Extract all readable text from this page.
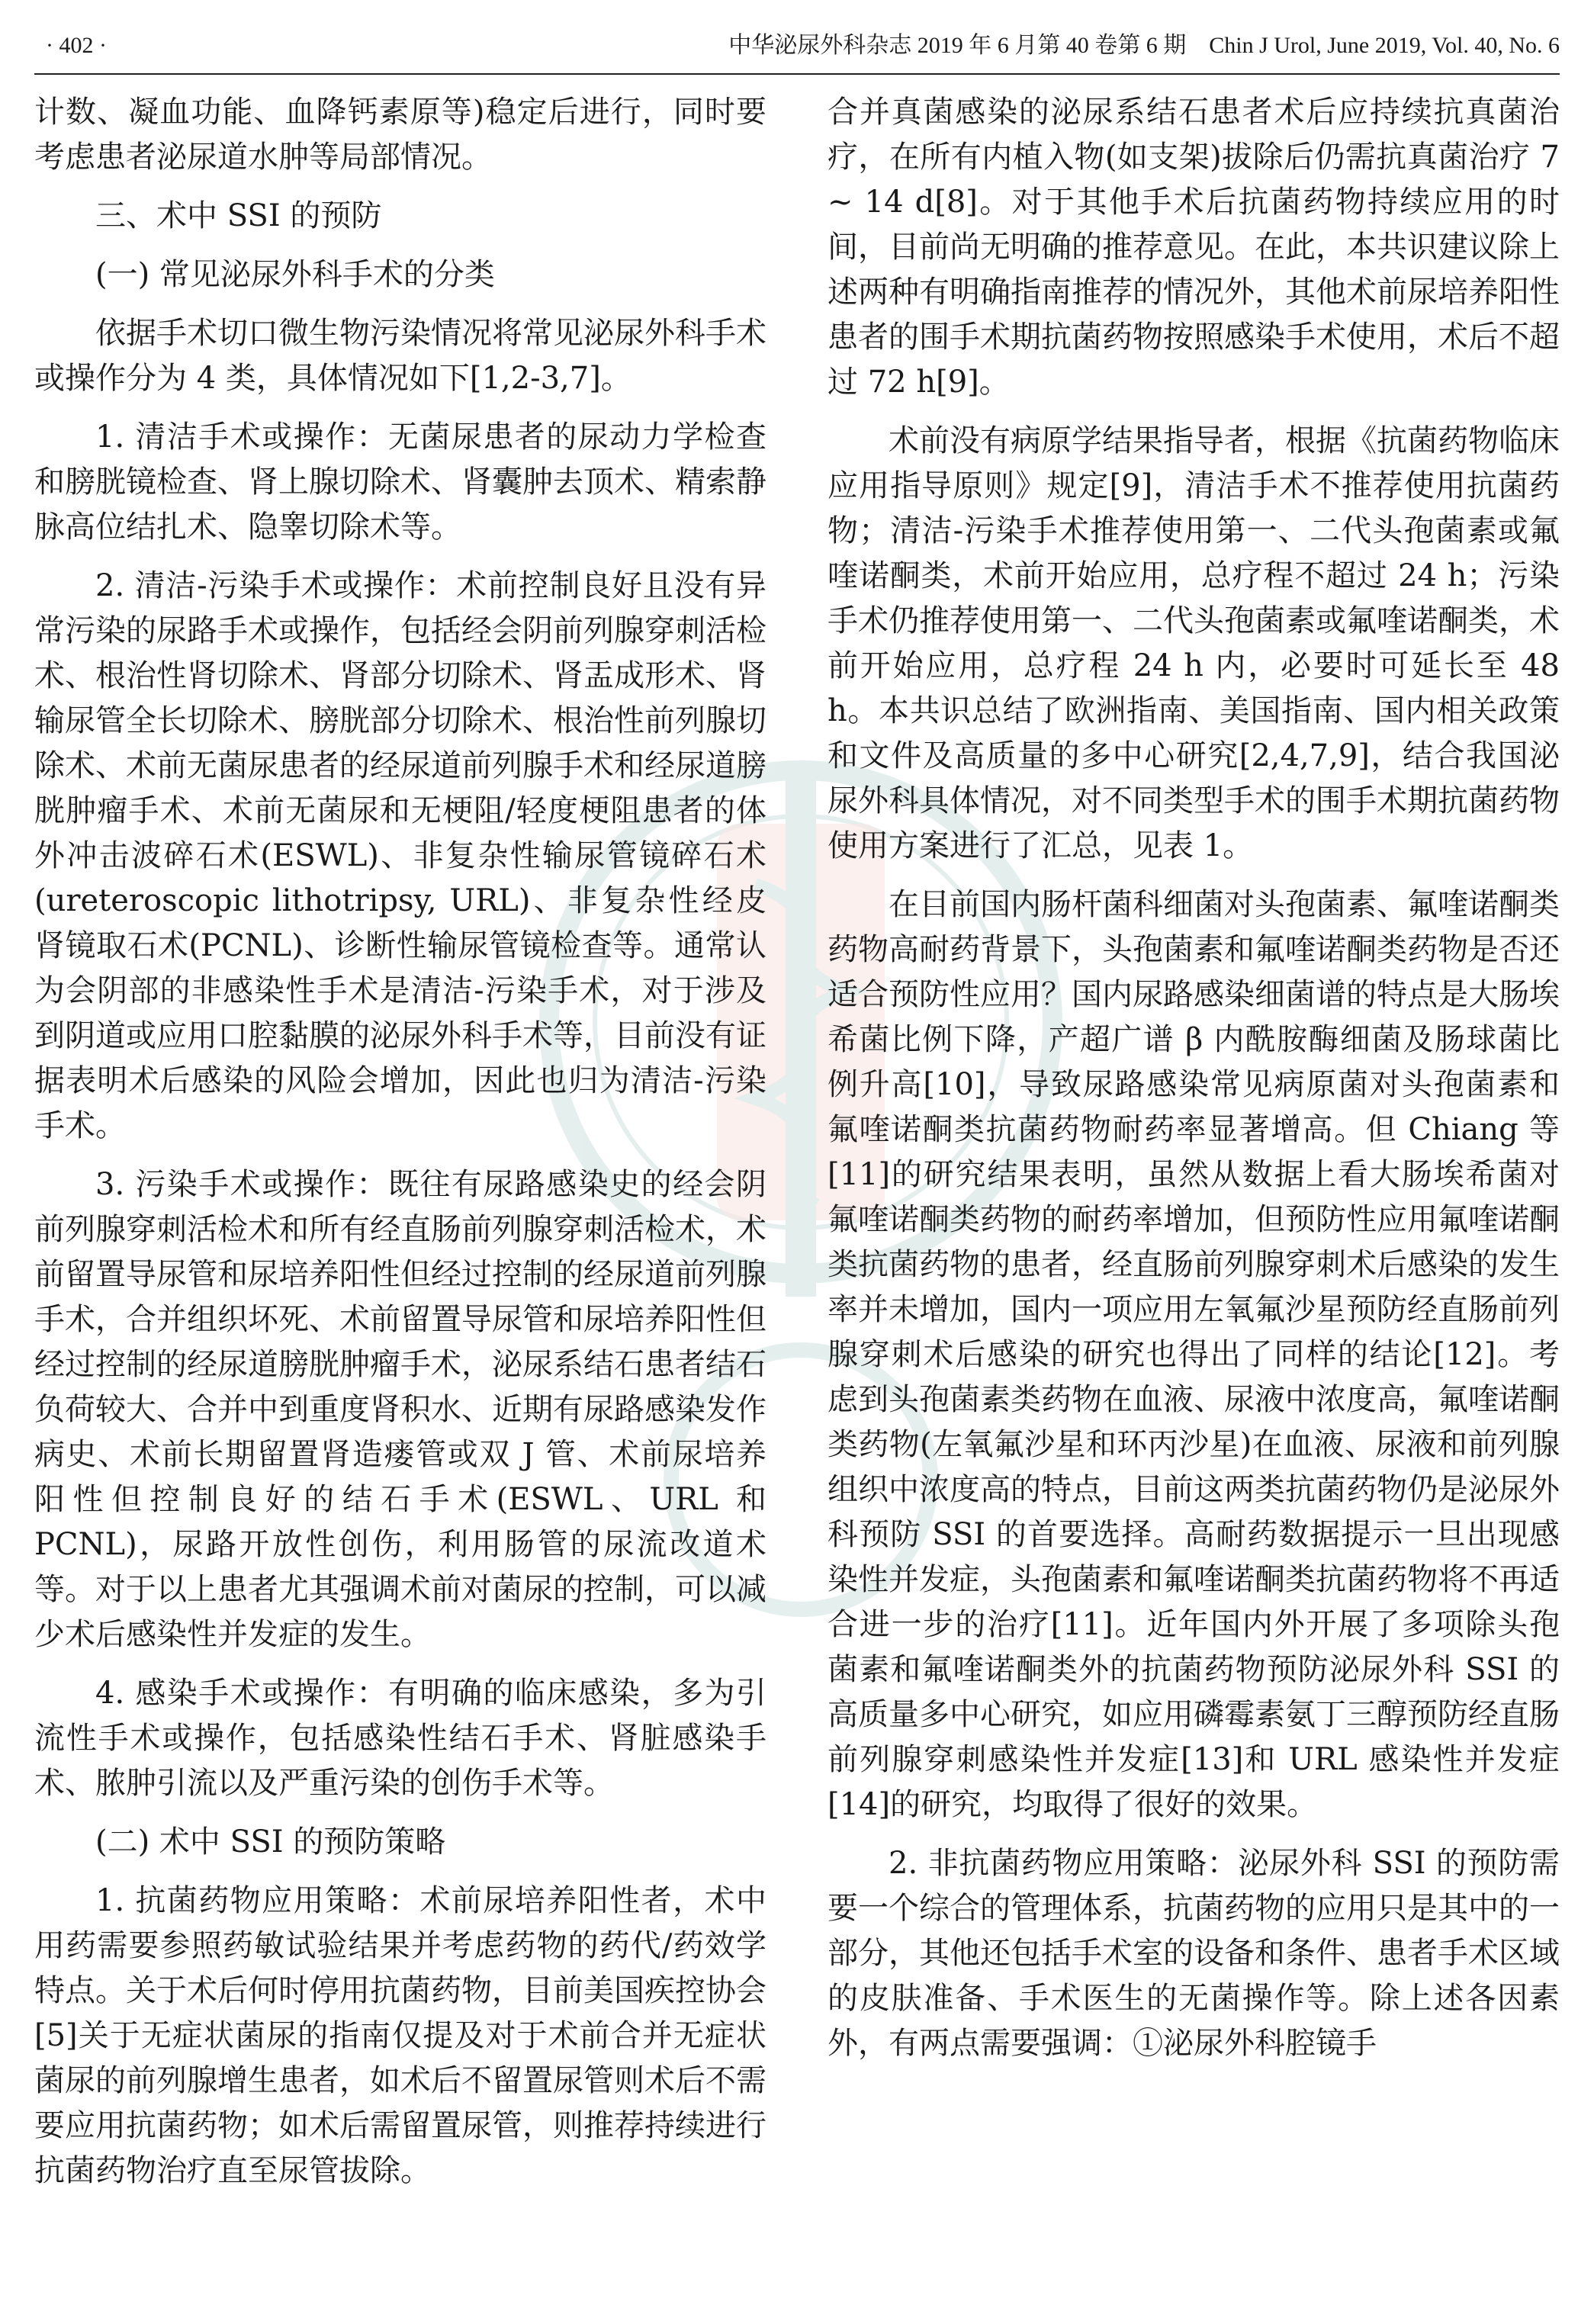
· 402 ·	中华泌尿外科杂志 2019 年 6 月第 40 卷第 6 期　Chin J Urol, June 2019, Vol. 40, No. 6

计数、凝血功能、血降钙素原等)稳定后进行，同时要考虑患者泌尿道水肿等局部情况。

三、术中 SSI 的预防

(一) 常见泌尿外科手术的分类

依据手术切口微生物污染情况将常见泌尿外科手术或操作分为 4 类，具体情况如下[1,2-3,7]。

1. 清洁手术或操作：无菌尿患者的尿动力学检查和膀胱镜检查、肾上腺切除术、肾囊肿去顶术、精索静脉高位结扎术、隐睾切除术等。

2. 清洁-污染手术或操作：术前控制良好且没有异常污染的尿路手术或操作，包括经会阴前列腺穿刺活检术、根治性肾切除术、肾部分切除术、肾盂成形术、肾输尿管全长切除术、膀胱部分切除术、根治性前列腺切除术、术前无菌尿患者的经尿道前列腺手术和经尿道膀胱肿瘤手术、术前无菌尿和无梗阻/轻度梗阻患者的体外冲击波碎石术(ESWL)、非复杂性输尿管镜碎石术(ureteroscopic lithotripsy, URL)、非复杂性经皮肾镜取石术(PCNL)、诊断性输尿管镜检查等。通常认为会阴部的非感染性手术是清洁-污染手术，对于涉及到阴道或应用口腔黏膜的泌尿外科手术等，目前没有证据表明术后感染的风险会增加，因此也归为清洁-污染手术。

3. 污染手术或操作：既往有尿路感染史的经会阴前列腺穿刺活检术和所有经直肠前列腺穿刺活检术，术前留置导尿管和尿培养阳性但经过控制的经尿道前列腺手术，合并组织坏死、术前留置导尿管和尿培养阳性但经过控制的经尿道膀胱肿瘤手术，泌尿系结石患者结石负荷较大、合并中到重度肾积水、近期有尿路感染发作病史、术前长期留置肾造瘘管或双 J 管、术前尿培养阳性但控制良好的结石手术(ESWL、URL 和 PCNL)，尿路开放性创伤，利用肠管的尿流改道术等。对于以上患者尤其强调术前对菌尿的控制，可以减少术后感染性并发症的发生。

4. 感染手术或操作：有明确的临床感染，多为引流性手术或操作，包括感染性结石手术、肾脏感染手术、脓肿引流以及严重污染的创伤手术等。

(二) 术中 SSI 的预防策略

1. 抗菌药物应用策略：术前尿培养阳性者，术中用药需要参照药敏试验结果并考虑药物的药代/药效学特点。关于术后何时停用抗菌药物，目前美国疾控协会[5]关于无症状菌尿的指南仅提及对于术前合并无症状菌尿的前列腺增生患者，如术后不留置尿管则术后不需要应用抗菌药物；如术后需留置尿管，则推荐持续进行抗菌药物治疗直至尿管拔除。

合并真菌感染的泌尿系结石患者术后应持续抗真菌治疗，在所有内植入物(如支架)拔除后仍需抗真菌治疗 7 ~ 14 d[8]。对于其他手术后抗菌药物持续应用的时间，目前尚无明确的推荐意见。在此，本共识建议除上述两种有明确指南推荐的情况外，其他术前尿培养阳性患者的围手术期抗菌药物按照感染手术使用，术后不超过 72 h[9]。

术前没有病原学结果指导者，根据《抗菌药物临床应用指导原则》规定[9]，清洁手术不推荐使用抗菌药物；清洁-污染手术推荐使用第一、二代头孢菌素或氟喹诺酮类，术前开始应用，总疗程不超过 24 h；污染手术仍推荐使用第一、二代头孢菌素或氟喹诺酮类，术前开始应用，总疗程 24 h 内，必要时可延长至 48 h。本共识总结了欧洲指南、美国指南、国内相关政策和文件及高质量的多中心研究[2,4,7,9]，结合我国泌尿外科具体情况，对不同类型手术的围手术期抗菌药物使用方案进行了汇总，见表 1。

在目前国内肠杆菌科细菌对头孢菌素、氟喹诺酮类药物高耐药背景下，头孢菌素和氟喹诺酮类药物是否还适合预防性应用？国内尿路感染细菌谱的特点是大肠埃希菌比例下降，产超广谱 β 内酰胺酶细菌及肠球菌比例升高[10]，导致尿路感染常见病原菌对头孢菌素和氟喹诺酮类抗菌药物耐药率显著增高。但 Chiang 等[11]的研究结果表明，虽然从数据上看大肠埃希菌对氟喹诺酮类药物的耐药率增加，但预防性应用氟喹诺酮类抗菌药物的患者，经直肠前列腺穿刺术后感染的发生率并未增加，国内一项应用左氧氟沙星预防经直肠前列腺穿刺术后感染的研究也得出了同样的结论[12]。考虑到头孢菌素类药物在血液、尿液中浓度高，氟喹诺酮类药物(左氧氟沙星和环丙沙星)在血液、尿液和前列腺组织中浓度高的特点，目前这两类抗菌药物仍是泌尿外科预防 SSI 的首要选择。高耐药数据提示一旦出现感染性并发症，头孢菌素和氟喹诺酮类抗菌药物将不再适合进一步的治疗[11]。近年国内外开展了多项除头孢菌素和氟喹诺酮类外的抗菌药物预防泌尿外科 SSI 的高质量多中心研究，如应用磷霉素氨丁三醇预防经直肠前列腺穿刺感染性并发症[13]和 URL 感染性并发症[14]的研究，均取得了很好的效果。

2. 非抗菌药物应用策略：泌尿外科 SSI 的预防需要一个综合的管理体系，抗菌药物的应用只是其中的一部分，其他还包括手术室的设备和条件、患者手术区域的皮肤准备、手术医生的无菌操作等。除上述各因素外，有两点需要强调：①泌尿外科腔镜手
